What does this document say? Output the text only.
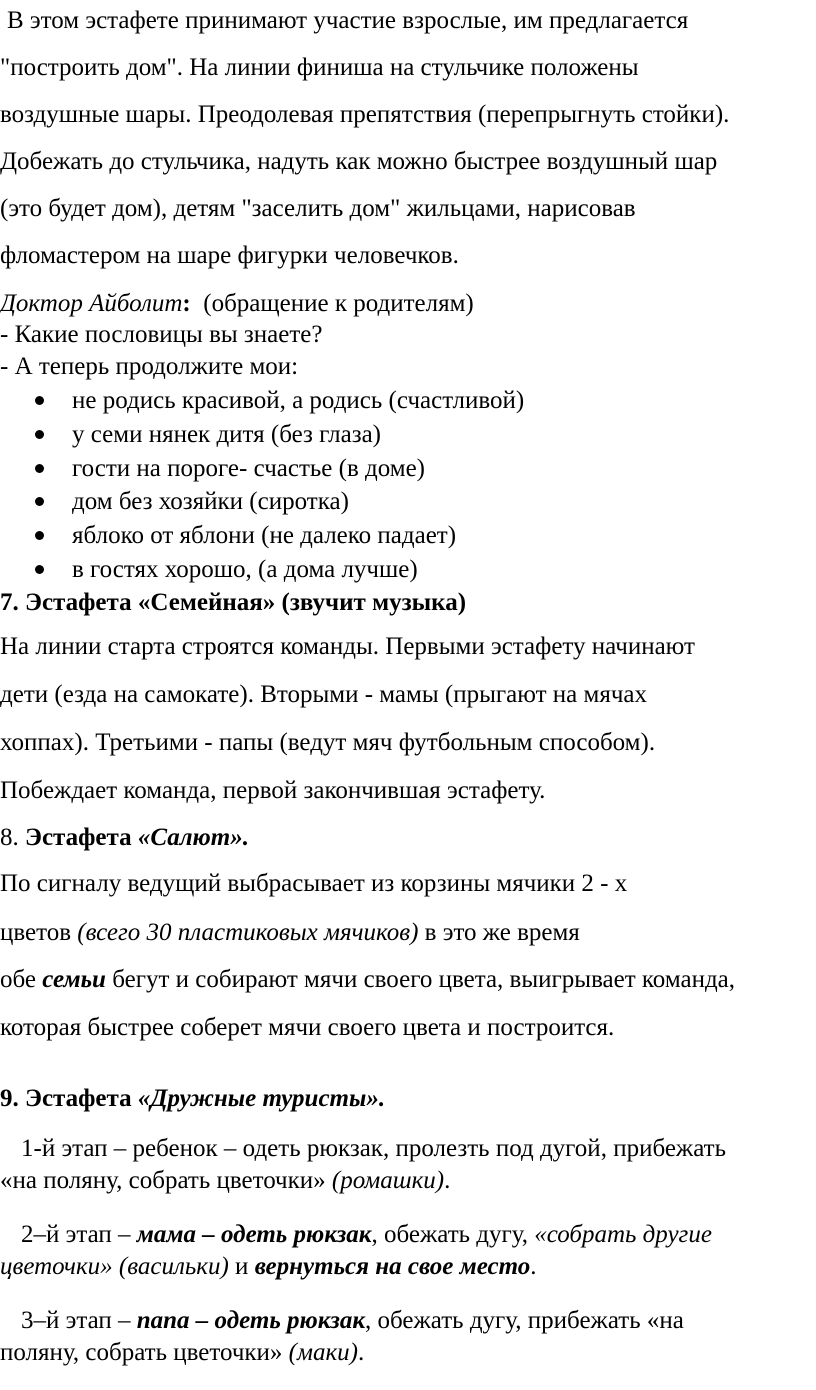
В этом эстафете принимают участие взрослые, им предлагается
"построить дом". На линии финиша на стульчике положены
воздушные шары. Преодолевая препятствия (перепрыгнуть стойки).
Добежать до стульчика, надуть как можно быстрее воздушный шар
(это будет дом), детям "заселить дом" жильцами, нарисовав
фломастером на шаре фигурки человечков.
Доктор Айболит: (обращение к родителям)
- Какие пословицы вы знаете?
- А теперь продолжите мои:
не родись красивой, а родись (счастливой)
у семи нянек дитя (без глаза)
гости на пороге- счастье (в доме)
дом без хозяйки (сиротка)
яблоко от яблони (не далеко падает)
в гостях хорошо, (а дома лучше)
7. Эстафета «Семейная» (звучит музыка)
На линии старта строятся команды. Первыми эстафету начинают
дети (езда на самокате). Вторыми - мамы (прыгают на мячах
хоппах). Третьими - папы (ведут мяч футбольным способом).
Побеждает команда, первой закончившая эстафету.
8. Эстафета «Салют».
По сигналу ведущий выбрасывает из корзины мячики 2 - х
цветов (всего 30 пластиковых мячиков) в это же время
обе семьи бегут и собирают мячи своего цвета, выигрывает команда,
которая быстрее соберет мячи своего цвета и построится.
9. Эстафета «Дружные туристы».
1-й этап – ребенок – одеть рюкзак, пролезть под дугой, прибежать
«на поляну, собрать цветочки» (ромашки).
2–й этап – мама – одеть рюкзак, обежать дугу, «собрать другие
цветочки» (васильки) и вернуться на свое место.
3–й этап – папа – одеть рюкзак, обежать дугу, прибежать «на
поляну, собрать цветочки» (маки).
